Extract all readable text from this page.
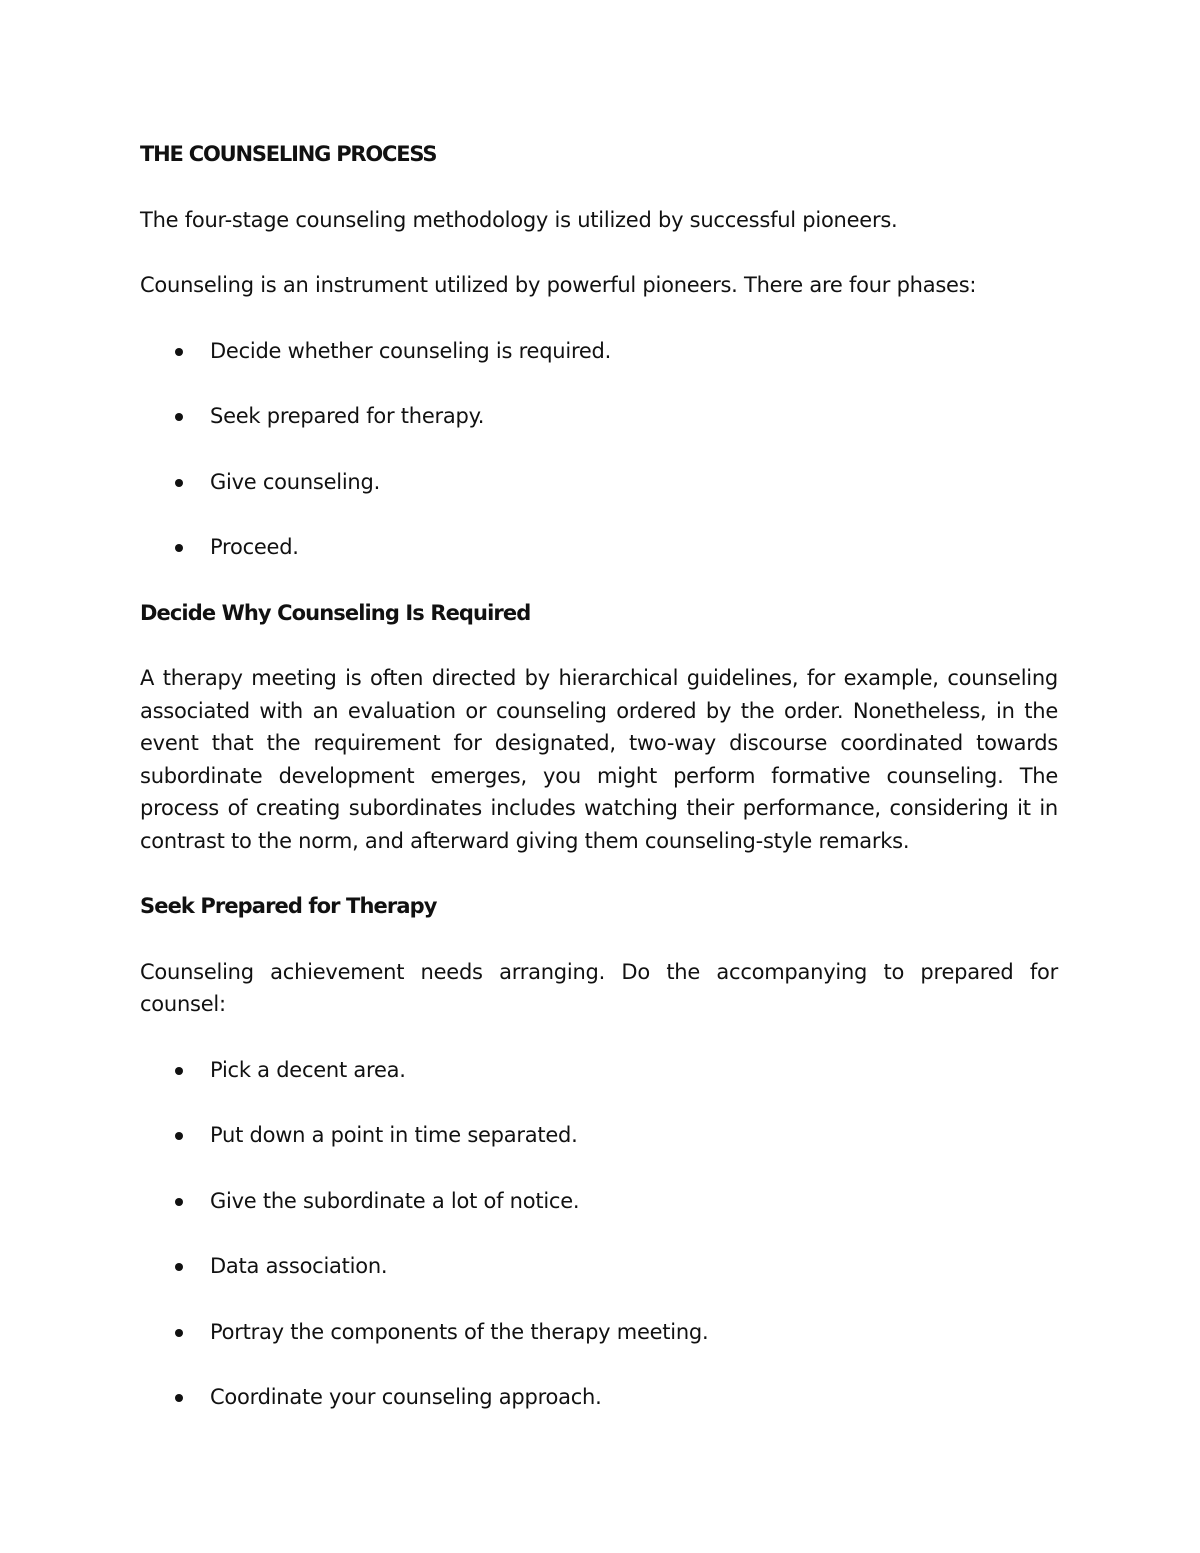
THE COUNSELING PROCESS

The four-stage counseling methodology is utilized by successful pioneers.

Counseling is an instrument utilized by powerful pioneers. There are four phases:

Decide whether counseling is required.
Seek prepared for therapy.
Give counseling.
Proceed.
Decide Why Counseling Is Required

A therapy meeting is often directed by hierarchical guidelines, for example, counseling associated with an evaluation or counseling ordered by the order. Nonetheless, in the event that the requirement for designated, two-way discourse coordinated towards subordinate development emerges, you might perform formative counseling. The process of creating subordinates includes watching their performance, considering it in contrast to the norm, and afterward giving them counseling-style remarks.

Seek Prepared for Therapy

Counseling achievement needs arranging. Do the accompanying to prepared for counsel:

Pick a decent area.
Put down a point in time separated.
Give the subordinate a lot of notice.
Data association.
Portray the components of the therapy meeting.
Coordinate your counseling approach.
